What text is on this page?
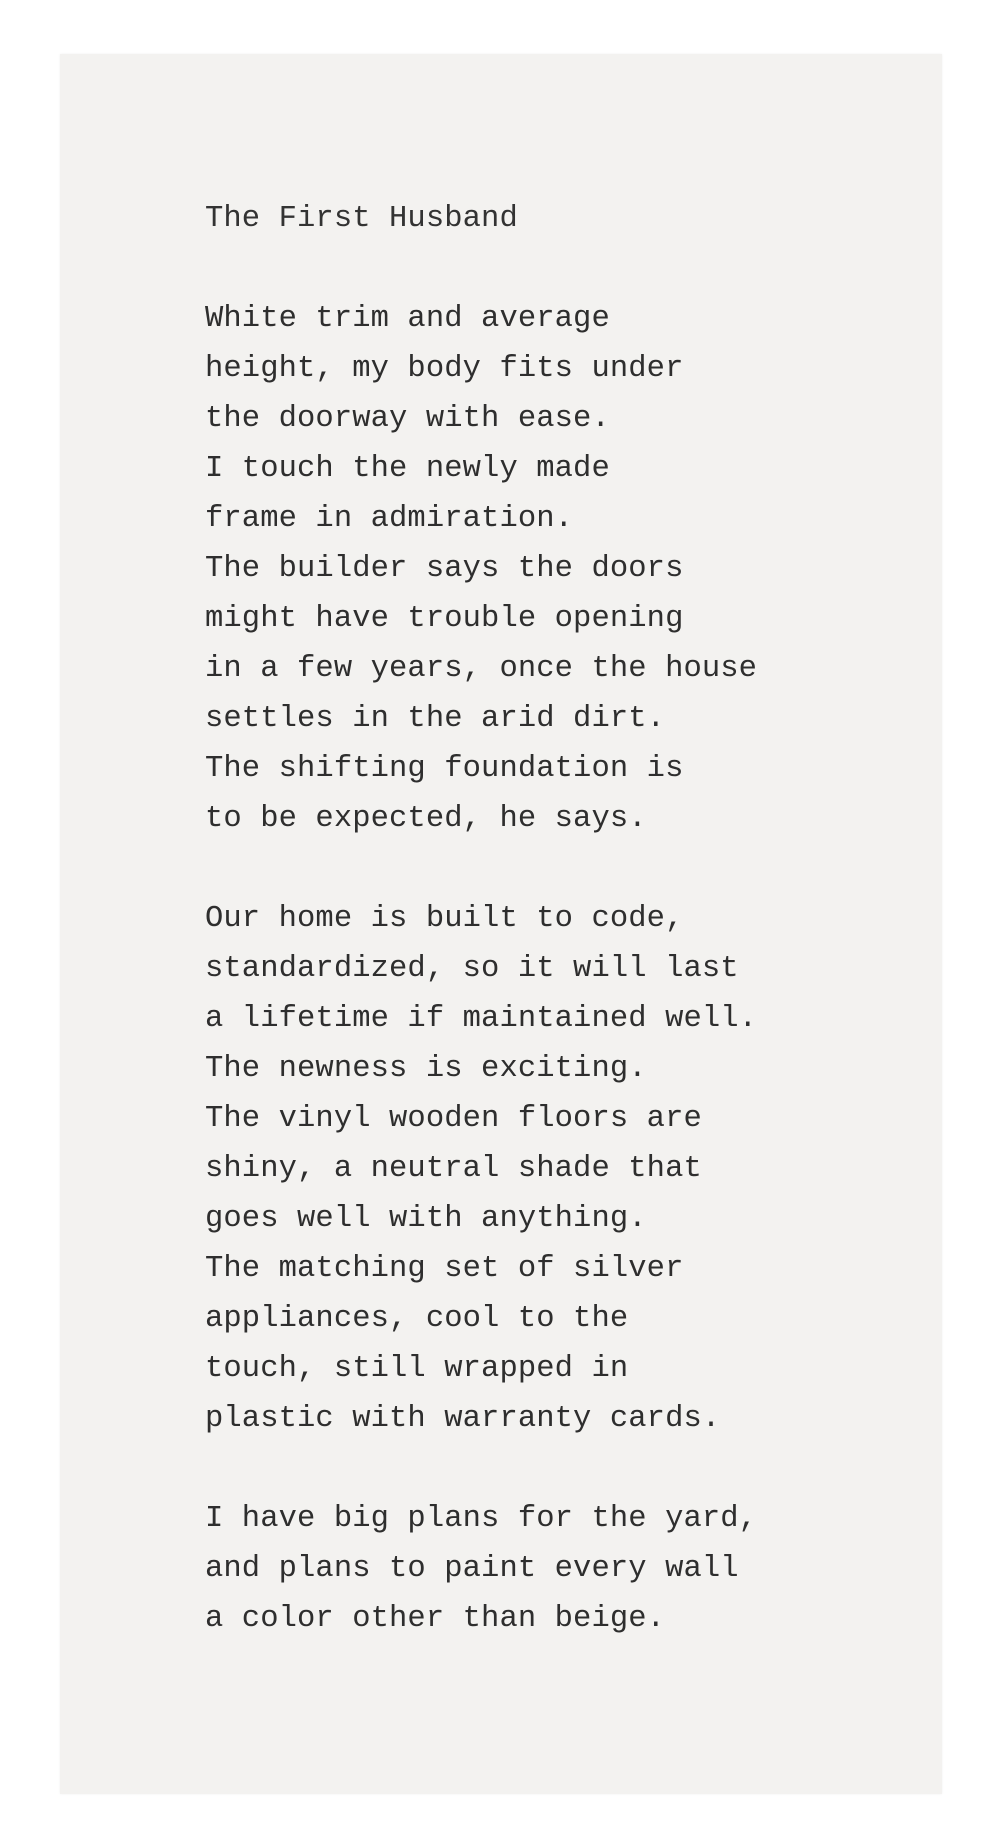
The First Husband
White trim and average
height, my body fits under
the doorway with ease.
I touch the newly made
frame in admiration.
The builder says the doors
might have trouble opening
in a few years, once the house
settles in the arid dirt.
The shifting foundation is
to be expected, he says.
Our home is built to code,
standardized, so it will last
a lifetime if maintained well.
The newness is exciting.
The vinyl wooden floors are
shiny, a neutral shade that
goes well with anything.
The matching set of silver
appliances, cool to the
touch, still wrapped in
plastic with warranty cards.
I have big plans for the yard,
and plans to paint every wall
a color other than beige.
